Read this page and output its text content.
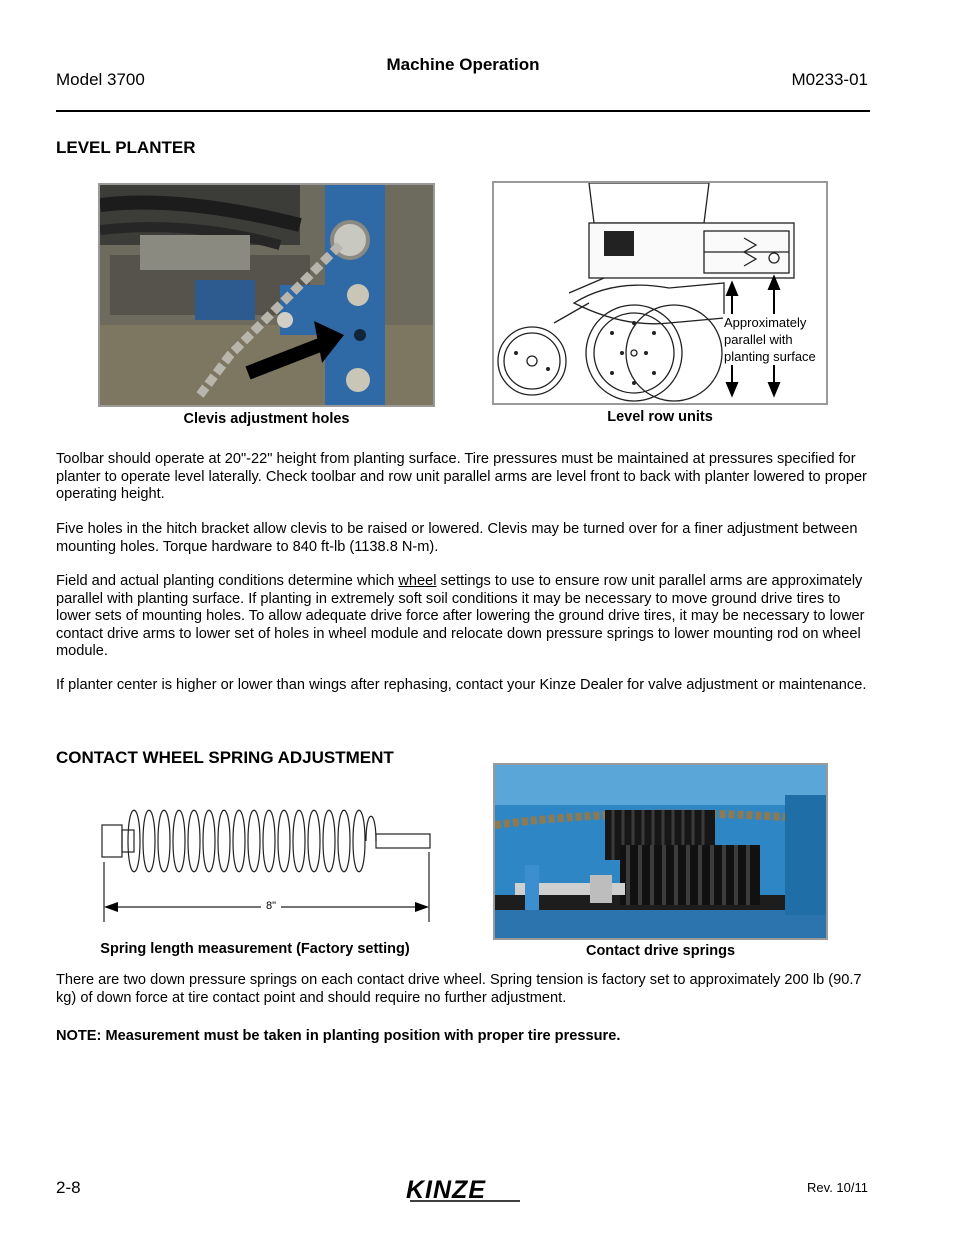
Model 3700
Machine Operation
M0233-01
LEVEL PLANTER
Approximately
parallel with
planting surface
Clevis adjustment holes	Level row units
Toolbar should operate at 20"-22" height from planting surface. Tire pressures must be maintained at pressures specified for planter to operate level laterally. Check toolbar and row unit parallel arms are level front to back with planter lowered to proper operating height.
Five holes in the hitch bracket allow clevis to be raised or lowered. Clevis may be turned over for a finer adjustment between mounting holes. Torque hardware to 840 ft-lb (1138.8 N-m).
Field and actual planting conditions determine which wheel settings to use to ensure row unit parallel arms are approximately parallel with planting surface. If planting in extremely soft soil conditions it may be necessary to move ground drive tires to lower sets of mounting holes. To allow adequate drive force after lowering the ground drive tires, it may be necessary to lower contact drive arms to lower set of holes in wheel module and relocate down pressure springs to lower mounting rod on wheel module.
If planter center is higher or lower than wings after rephasing, contact your Kinze Dealer for valve adjustment or maintenance.
CONTACT WHEEL SPRING ADJUSTMENT
8"
Spring length measurement (Factory setting)	Contact drive springs
There are two down pressure springs on each contact drive wheel. Spring tension is factory set to approximately 200 lb (90.7 kg) of down force at tire contact point and should require no further adjustment.
NOTE: Measurement must be taken in planting position with proper tire pressure.
2-8	KINZE	Rev. 10/11
